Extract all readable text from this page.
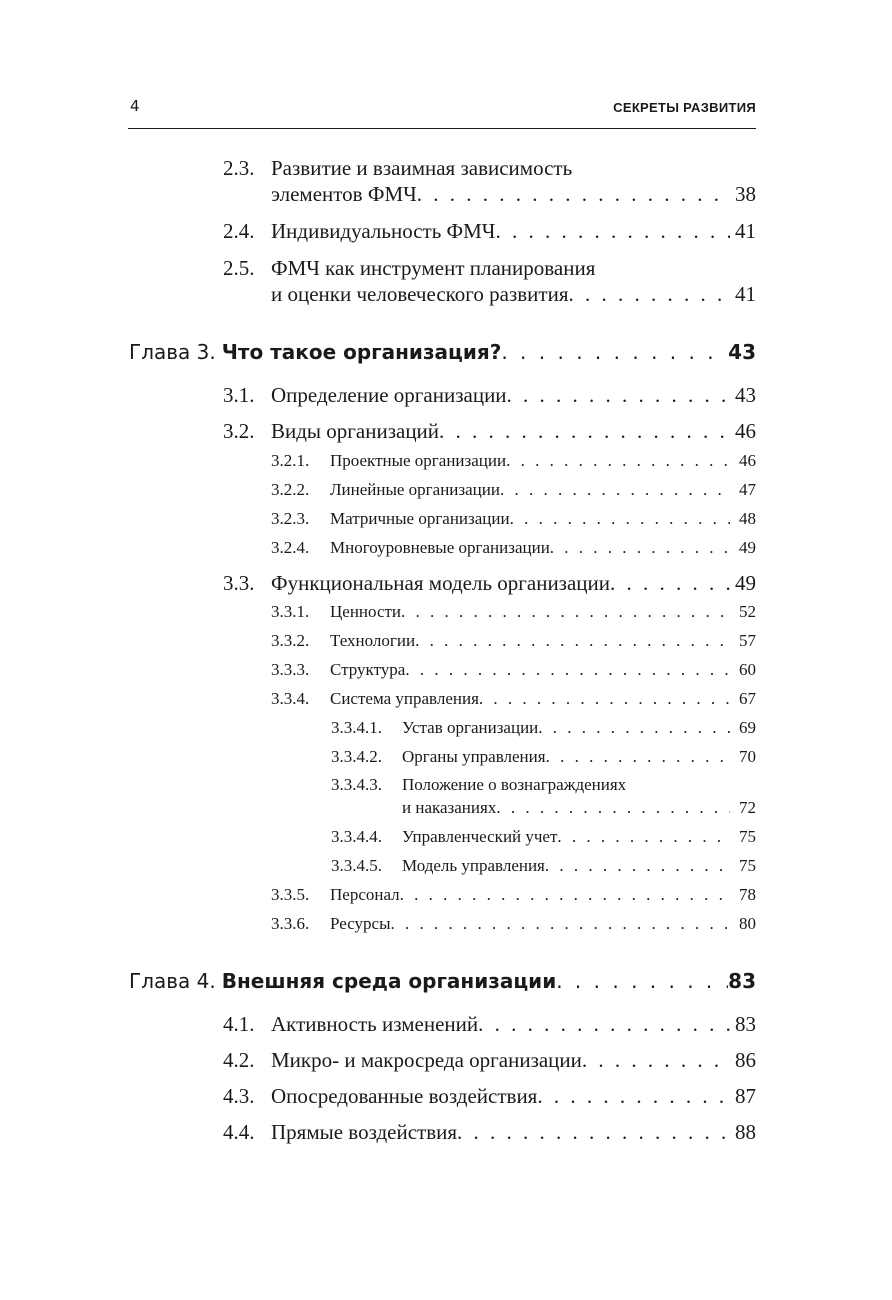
4	СЕКРЕТЫ РАЗВИТИЯ
2.3. Развитие и взаимная зависимость
элементов ФМЧ . . .	38
2.4. Индивидуальность ФМЧ . . .	41
2.5. ФМЧ как инструмент планирования
и оценки человеческого развития . . .	41
Глава 3. Что такое организация? . . .	43
3.1. Определение организации . . .	43
3.2. Виды организаций . . .	46
3.2.1.	Проектные организации . . .	46
3.2.2.	Линейные организации . . .	47
3.2.3.	Матричные организации . . .	48
3.2.4.	Многоуровневые организации . . .	49
3.3. Функциональная модель организации . . .	49
3.3.1.	Ценности . . .	52
3.3.2.	Технологии . . .	57
3.3.3.	Структура . . .	60
3.3.4.	Система управления . . .	67
3.3.4.1.	Устав организации . . .	69
3.3.4.2.	Органы управления . . .	70
3.3.4.3.	Положение о вознаграждениях
и наказаниях . . .	72
3.3.4.4.	Управленческий учет . . .	75
3.3.4.5.	Модель управления . . .	75
3.3.5.	Персонал . . .	78
3.3.6.	Ресурсы . . .	80
Глава 4. Внешняя среда организации . . .	83
4.1. Активность изменений . . .	83
4.2. Микро- и макросреда организации . . .	86
4.3. Опосредованные воздействия . . .	87
4.4. Прямые воздействия . . .	88
